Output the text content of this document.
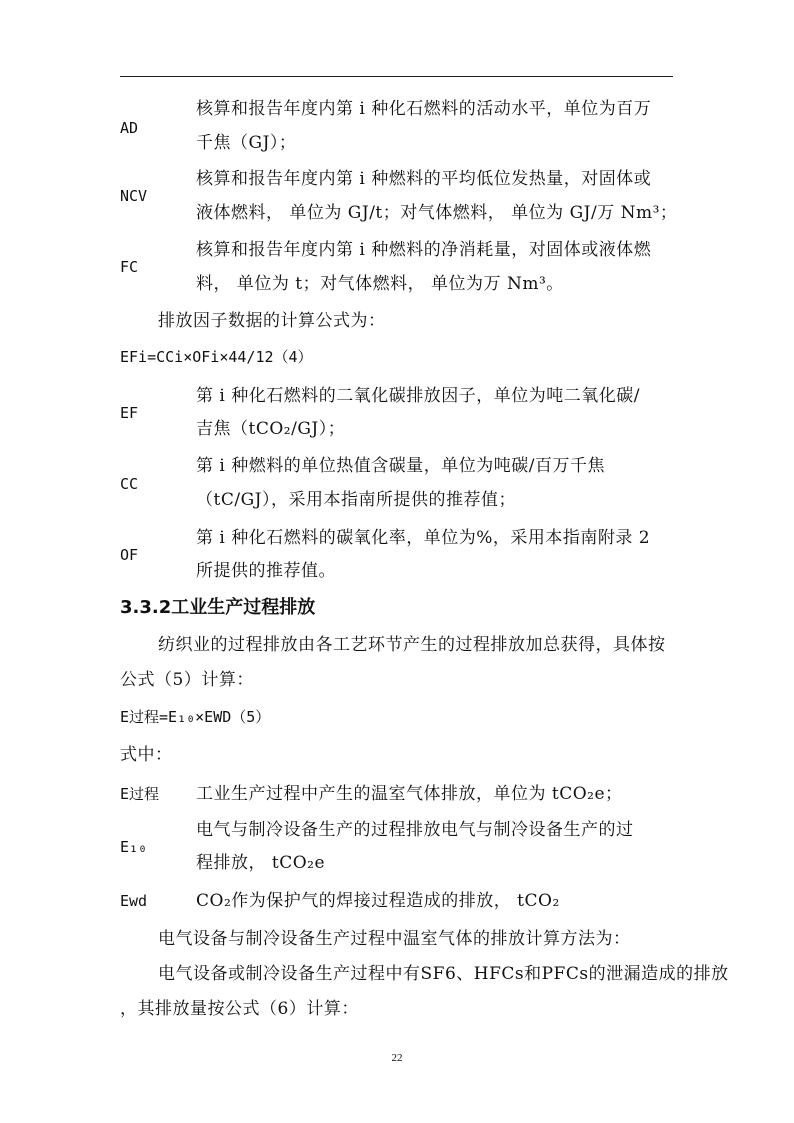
AD
核算和报告年度内第 i 种化石燃料的活动水平，单位为百万
千焦（GJ）；
NCV
核算和报告年度内第 i 种燃料的平均低位发热量，对固体或
液体燃料， 单位为 GJ/t；对气体燃料， 单位为 GJ/万 Nm³；
FC
核算和报告年度内第 i 种燃料的净消耗量，对固体或液体燃
料， 单位为 t；对气体燃料， 单位为万 Nm³。
排放因子数据的计算公式为：
EFi=CCi×OFi×44/12（4）
EF
第 i 种化石燃料的二氧化碳排放因子，单位为吨二氧化碳/
吉焦（tCO₂/GJ）；
CC
第 i 种燃料的单位热值含碳量，单位为吨碳/百万千焦
（tC/GJ），采用本指南所提供的推荐值；
OF
第 i 种化石燃料的碳氧化率，单位为%，采用本指南附录 2
所提供的推荐值。
3.3.2工业生产过程排放
纺织业的过程排放由各工艺环节产生的过程排放加总获得，具体按
公式（5）计算：
E过程=E₁₀×EWD（5）
式中：
E过程 工业生产过程中产生的温室气体排放，单位为 tCO₂e；
E₁₀
电气与制冷设备生产的过程排放电气与制冷设备生产的过
程排放， tCO₂e
Ewd	CO₂作为保护气的焊接过程造成的排放， tCO₂
电气设备与制冷设备生产过程中温室气体的排放计算方法为：
电气设备或制冷设备生产过程中有SF6、HFCs和PFCs的泄漏造成的排放
，其排放量按公式（6）计算：
22
